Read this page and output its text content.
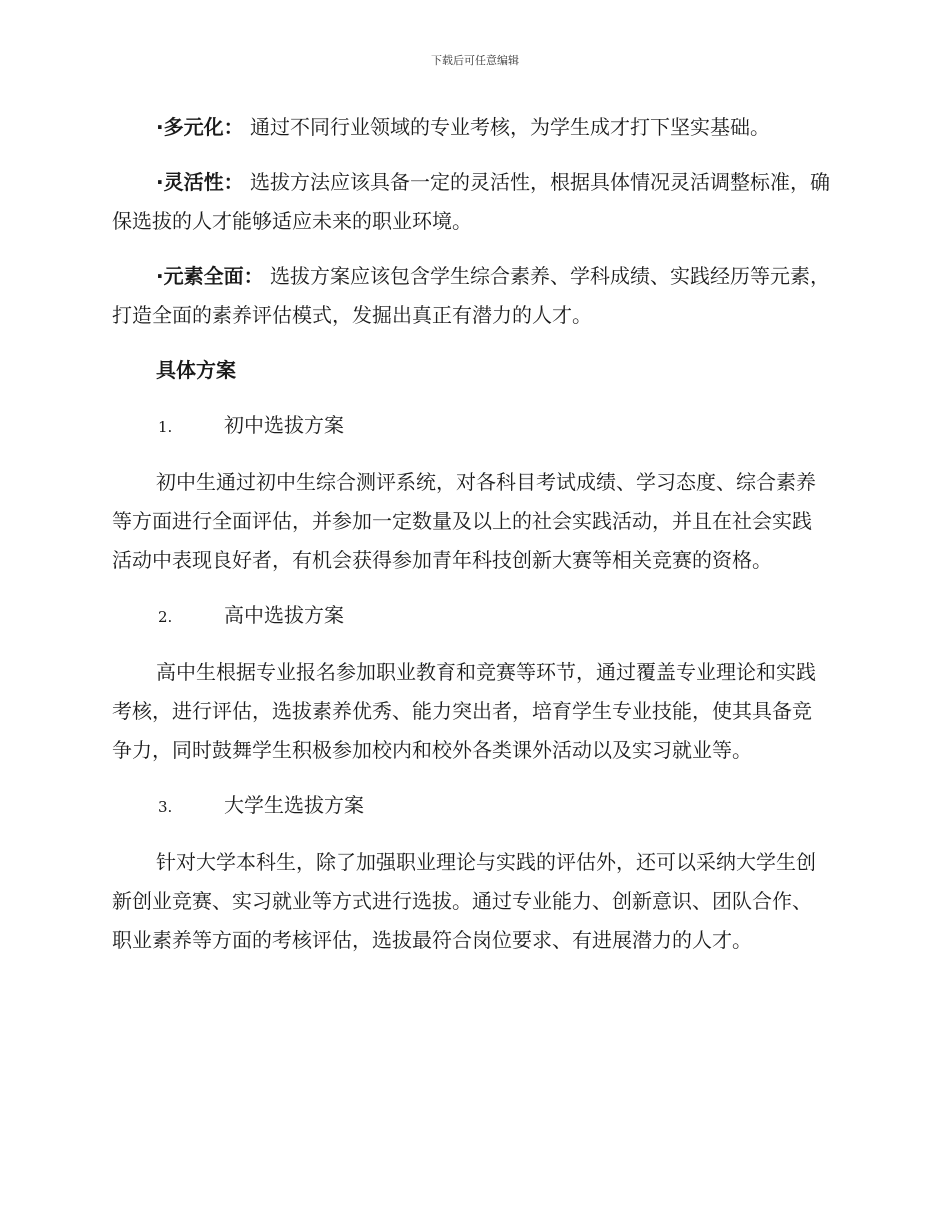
下载后可任意编辑

·多元化： 通过不同行业领域的专业考核，为学生成才打下坚实基础。

·灵活性： 选拔方法应该具备一定的灵活性，根据具体情况灵活调整标准，确保选拔的人才能够适应未来的职业环境。

·元素全面： 选拔方案应该包含学生综合素养、学科成绩、实践经历等元素，打造全面的素养评估模式，发掘出真正有潜力的人才。

具体方案

1.	初中选拔方案

初中生通过初中生综合测评系统，对各科目考试成绩、学习态度、综合素养等方面进行全面评估，并参加一定数量及以上的社会实践活动，并且在社会实践活动中表现良好者，有机会获得参加青年科技创新大赛等相关竞赛的资格。

2.	高中选拔方案

高中生根据专业报名参加职业教育和竞赛等环节，通过覆盖专业理论和实践考核，进行评估，选拔素养优秀、能力突出者，培育学生专业技能，使其具备竞争力，同时鼓舞学生积极参加校内和校外各类课外活动以及实习就业等。

3.	大学生选拔方案

针对大学本科生，除了加强职业理论与实践的评估外，还可以采纳大学生创新创业竞赛、实习就业等方式进行选拔。通过专业能力、创新意识、团队合作、职业素养等方面的考核评估，选拔最符合岗位要求、有进展潜力的人才。
